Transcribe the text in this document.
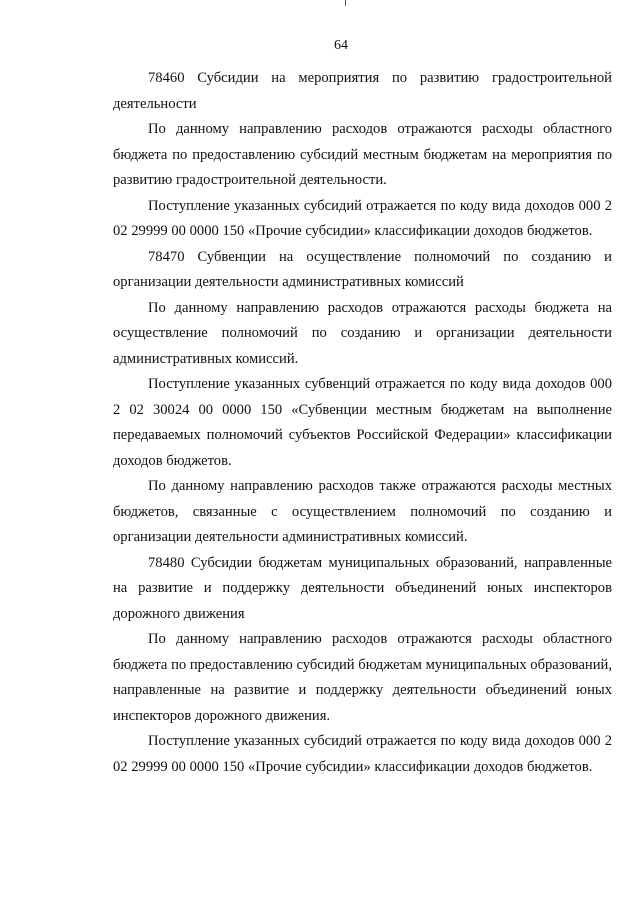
64

78460 Субсидии на мероприятия по развитию градостроительной деятельности

По данному направлению расходов отражаются расходы областного бюджета по предоставлению субсидий местным бюджетам на мероприятия по развитию градостроительной деятельности.

Поступление указанных субсидий отражается по коду вида доходов 000 2 02 29999 00 0000 150 «Прочие субсидии» классификации доходов бюджетов.

78470 Субвенции на осуществление полномочий по созданию и организации деятельности административных комиссий

По данному направлению расходов отражаются расходы бюджета на осуществление полномочий по созданию и организации деятельности административных комиссий.

Поступление указанных субвенций отражается по коду вида доходов 000 2 02 30024 00 0000 150 «Субвенции местным бюджетам на выполнение передаваемых полномочий субъектов Российской Федерации» классификации доходов бюджетов.

По данному направлению расходов также отражаются расходы местных бюджетов, связанные с осуществлением полномочий по созданию и организации деятельности административных комиссий.

78480 Субсидии бюджетам муниципальных образований, направленные на развитие и поддержку деятельности объединений юных инспекторов дорожного движения

По данному направлению расходов отражаются расходы областного бюджета по предоставлению субсидий бюджетам муниципальных образований, направленные на развитие и поддержку деятельности объединений юных инспекторов дорожного движения.

Поступление указанных субсидий отражается по коду вида доходов 000 2 02 29999 00 0000 150 «Прочие субсидии» классификации доходов бюджетов.
